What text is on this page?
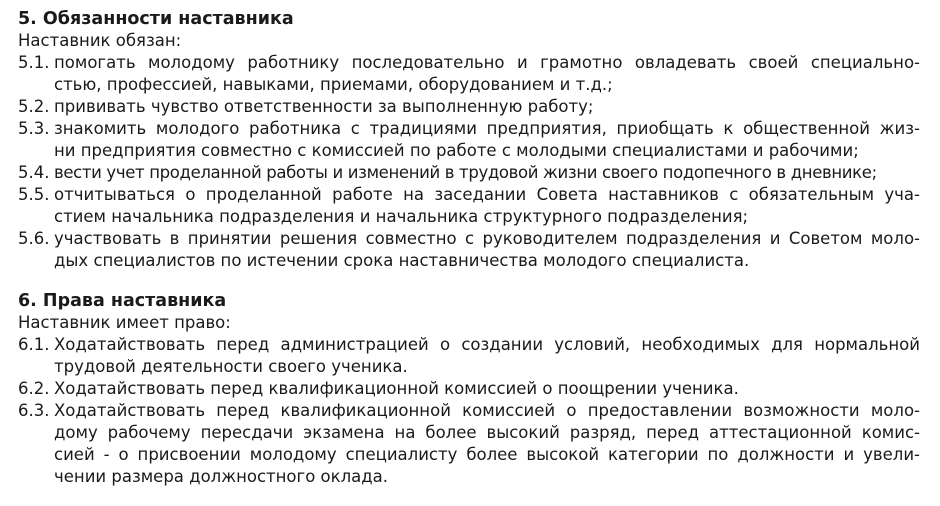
5. Обязанности наставника

Наставник обязан:

5.1. помогать молодому работнику последовательно и грамотно овладевать своей специально-
стью, профессией, навыками, приемами, оборудованием и т.д.;
5.2. прививать чувство ответственности за выполненную работу;
5.3. знакомить молодого работника с традициями предприятия, приобщать к общественной жиз-
ни предприятия совместно с комиссией по работе с молодыми специалистами и рабочими;
5.4. вести учет проделанной работы и изменений в трудовой жизни своего подопечного в дневнике;
5.5. отчитываться о проделанной работе на заседании Совета наставников с обязательным уча-
стием начальника подразделения и начальника структурного подразделения;
5.6. участвовать в принятии решения совместно с руководителем подразделения и Советом моло-
дых специалистов по истечении срока наставничества молодого специалиста.
6. Права наставника

Наставник имеет право:

6.1. Ходатайствовать перед администрацией о создании условий, необходимых для нормальной
трудовой деятельности своего ученика.
6.2. Ходатайствовать перед квалификационной комиссией о поощрении ученика.
6.3. Ходатайствовать перед квалификационной комиссией о предоставлении возможности моло-
дому рабочему пересдачи экзамена на более высокий разряд, перед аттестационной комис-
сией - о присвоении молодому специалисту более высокой категории по должности и увели-
чении размера должностного оклада.
